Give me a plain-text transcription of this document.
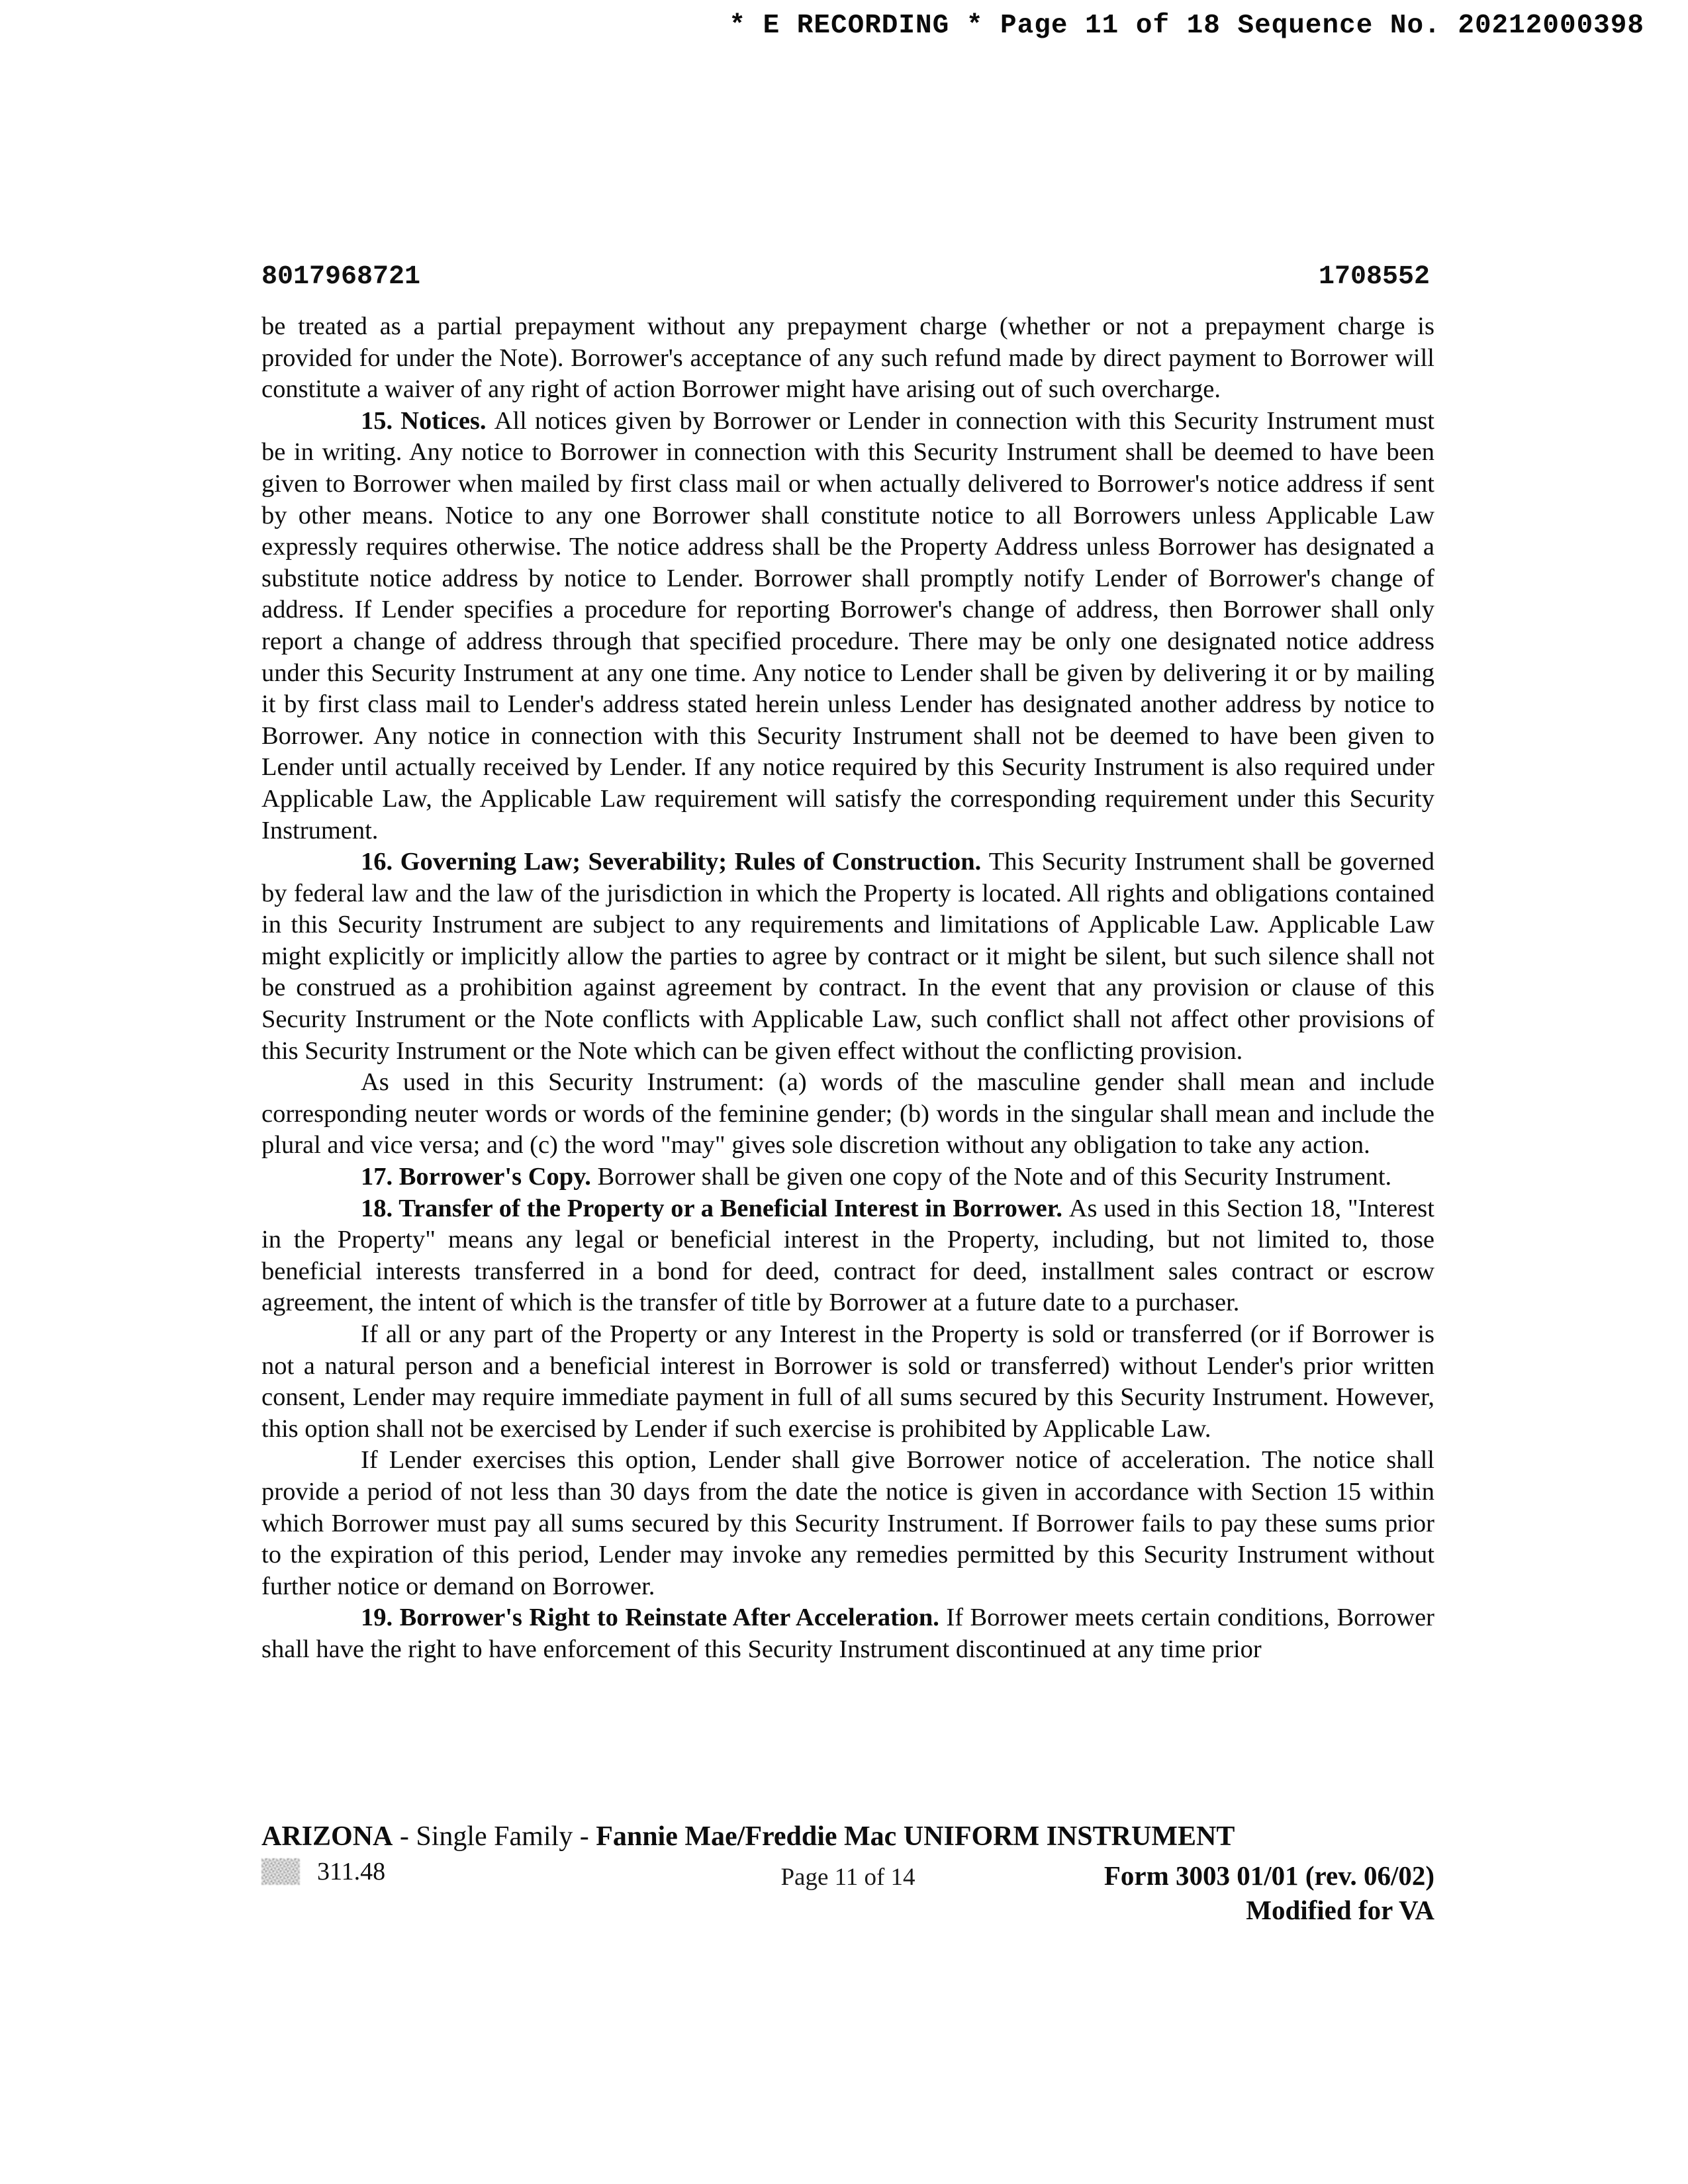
* E RECORDING * Page 11 of 18 Sequence No. 20212000398
8017968721	1708552

be treated as a partial prepayment without any prepayment charge (whether or not a prepayment charge is provided for under the Note). Borrower's acceptance of any such refund made by direct payment to Borrower will constitute a waiver of any right of action Borrower might have arising out of such overcharge.

15. Notices. All notices given by Borrower or Lender in connection with this Security Instrument must be in writing. Any notice to Borrower in connection with this Security Instrument shall be deemed to have been given to Borrower when mailed by first class mail or when actually delivered to Borrower's notice address if sent by other means. Notice to any one Borrower shall constitute notice to all Borrowers unless Applicable Law expressly requires otherwise. The notice address shall be the Property Address unless Borrower has designated a substitute notice address by notice to Lender. Borrower shall promptly notify Lender of Borrower's change of address. If Lender specifies a procedure for reporting Borrower's change of address, then Borrower shall only report a change of address through that specified procedure. There may be only one designated notice address under this Security Instrument at any one time. Any notice to Lender shall be given by delivering it or by mailing it by first class mail to Lender's address stated herein unless Lender has designated another address by notice to Borrower. Any notice in connection with this Security Instrument shall not be deemed to have been given to Lender until actually received by Lender. If any notice required by this Security Instrument is also required under Applicable Law, the Applicable Law requirement will satisfy the corresponding requirement under this Security Instrument.

16. Governing Law; Severability; Rules of Construction. This Security Instrument shall be governed by federal law and the law of the jurisdiction in which the Property is located. All rights and obligations contained in this Security Instrument are subject to any requirements and limitations of Applicable Law. Applicable Law might explicitly or implicitly allow the parties to agree by contract or it might be silent, but such silence shall not be construed as a prohibition against agreement by contract. In the event that any provision or clause of this Security Instrument or the Note conflicts with Applicable Law, such conflict shall not affect other provisions of this Security Instrument or the Note which can be given effect without the conflicting provision.

As used in this Security Instrument: (a) words of the masculine gender shall mean and include corresponding neuter words or words of the feminine gender; (b) words in the singular shall mean and include the plural and vice versa; and (c) the word "may" gives sole discretion without any obligation to take any action.

17. Borrower's Copy. Borrower shall be given one copy of the Note and of this Security Instrument.

18. Transfer of the Property or a Beneficial Interest in Borrower. As used in this Section 18, "Interest in the Property" means any legal or beneficial interest in the Property, including, but not limited to, those beneficial interests transferred in a bond for deed, contract for deed, installment sales contract or escrow agreement, the intent of which is the transfer of title by Borrower at a future date to a purchaser.

If all or any part of the Property or any Interest in the Property is sold or transferred (or if Borrower is not a natural person and a beneficial interest in Borrower is sold or transferred) without Lender's prior written consent, Lender may require immediate payment in full of all sums secured by this Security Instrument. However, this option shall not be exercised by Lender if such exercise is prohibited by Applicable Law.

If Lender exercises this option, Lender shall give Borrower notice of acceleration. The notice shall provide a period of not less than 30 days from the date the notice is given in accordance with Section 15 within which Borrower must pay all sums secured by this Security Instrument. If Borrower fails to pay these sums prior to the expiration of this period, Lender may invoke any remedies permitted by this Security Instrument without further notice or demand on Borrower.

19. Borrower's Right to Reinstate After Acceleration. If Borrower meets certain conditions, Borrower shall have the right to have enforcement of this Security Instrument discontinued at any time prior

ARIZONA - Single Family - Fannie Mae/Freddie Mac UNIFORM INSTRUMENT
311.48	Page 11 of 14	Form 3003 01/01 (rev. 06/02)
Modified for VA
